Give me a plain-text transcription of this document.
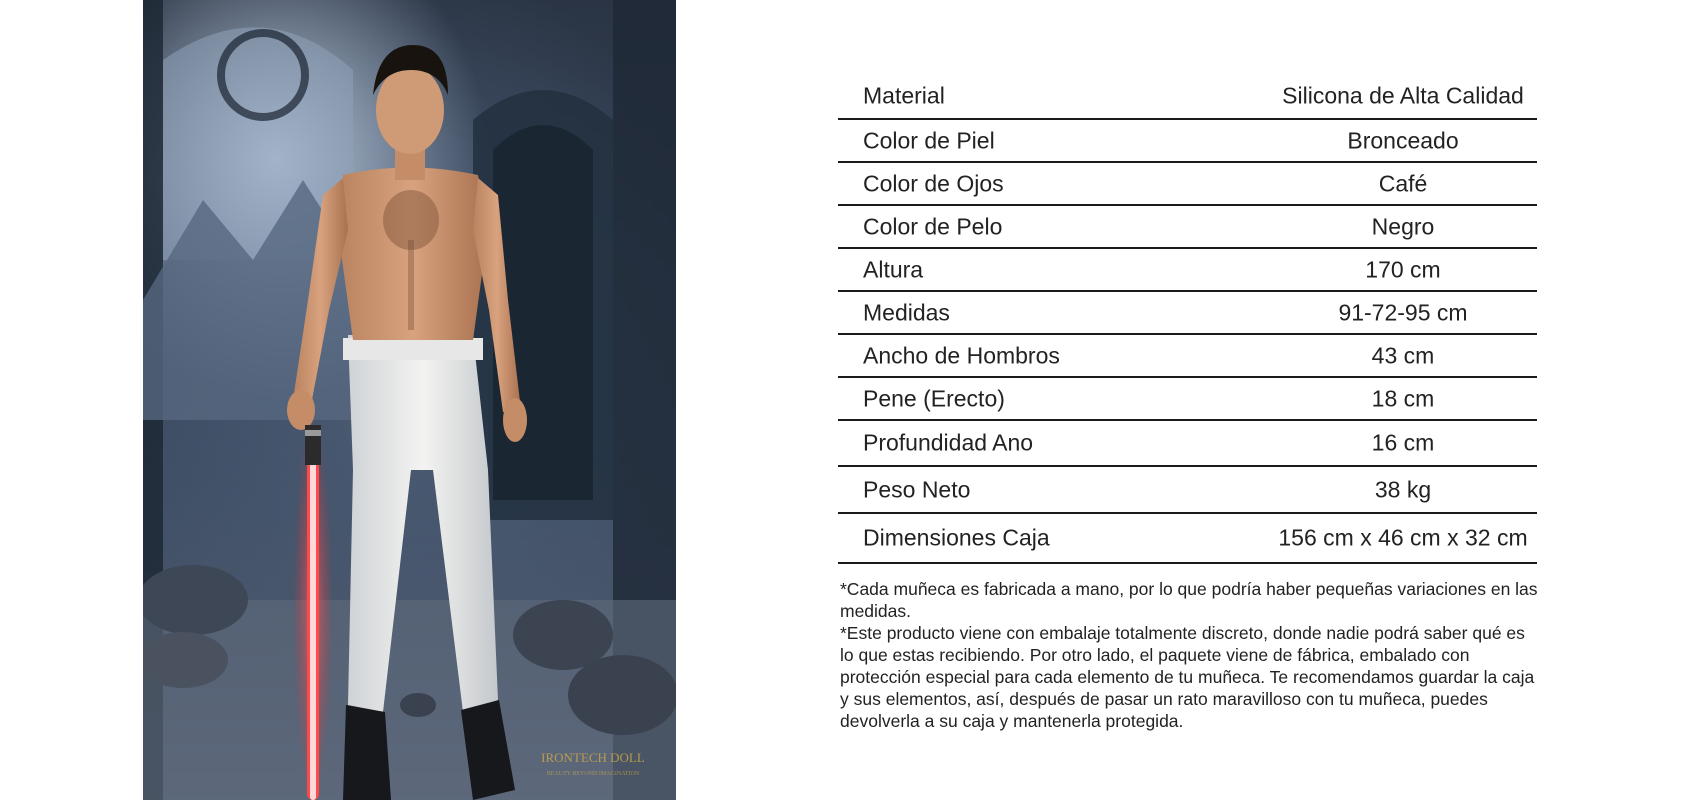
IRONTECH DOLL
BEAUTY BEYOND IMAGINATION
Material	Silicona de Alta Calidad
Color de Piel	Bronceado
Color de Ojos	Café
Color de Pelo	Negro
Altura	170 cm
Medidas	91-72-95 cm
Ancho de Hombros	43 cm
Pene (Erecto)	18 cm
Profundidad Ano	16 cm
Peso Neto	38 kg
Dimensiones Caja	156 cm x 46 cm x 32 cm

*Cada muñeca es fabricada a mano, por lo que podría haber pequeñas variaciones en las medidas.

*Este producto viene con embalaje totalmente discreto, donde nadie podrá saber qué es lo que estas recibiendo. Por otro lado, el paquete viene de fábrica, embalado con protección especial para cada elemento de tu muñeca. Te recomendamos guardar la caja y sus elementos, así, después de pasar un rato maravilloso con tu muñeca, puedes devolverla a su caja y mantenerla protegida.
